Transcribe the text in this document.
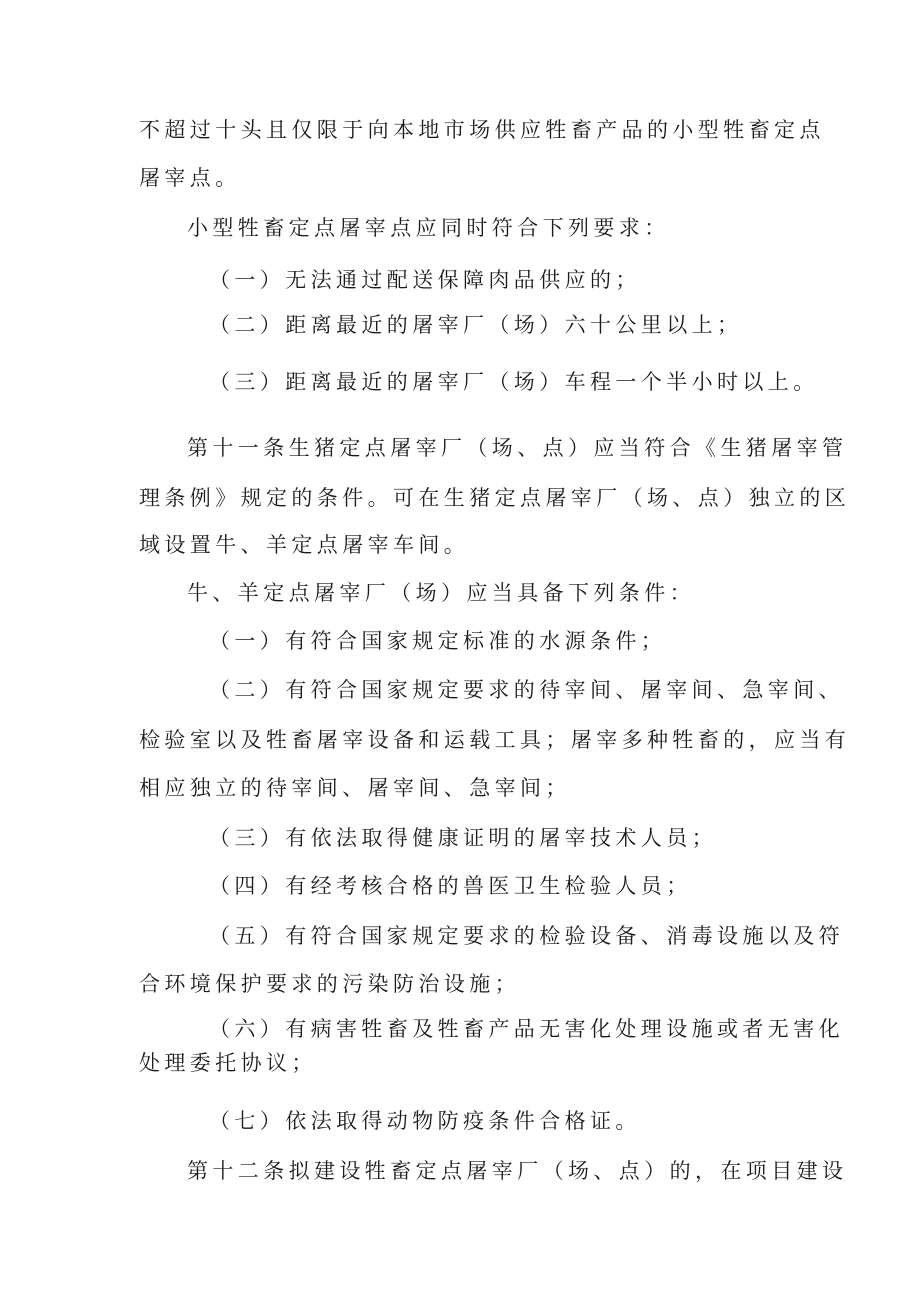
不超过十头且仅限于向本地市场供应牲畜产品的小型牲畜定点
屠宰点。
小型牲畜定点屠宰点应同时符合下列要求：
（一）无法通过配送保障肉品供应的；
（二）距离最近的屠宰厂（场）六十公里以上；
（三）距离最近的屠宰厂（场）车程一个半小时以上。
第十一条生猪定点屠宰厂（场、点）应当符合《生猪屠宰管
理条例》规定的条件。可在生猪定点屠宰厂（场、点）独立的区
域设置牛、羊定点屠宰车间。
牛、羊定点屠宰厂（场）应当具备下列条件：
（一）有符合国家规定标准的水源条件；
（二）有符合国家规定要求的待宰间、屠宰间、急宰间、
检验室以及牲畜屠宰设备和运载工具；屠宰多种牲畜的，应当有
相应独立的待宰间、屠宰间、急宰间；
（三）有依法取得健康证明的屠宰技术人员；
（四）有经考核合格的兽医卫生检验人员；
（五）有符合国家规定要求的检验设备、消毒设施以及符
合环境保护要求的污染防治设施；
（六）有病害牲畜及牲畜产品无害化处理设施或者无害化
处理委托协议；
（七）依法取得动物防疫条件合格证。
第十二条拟建设牲畜定点屠宰厂（场、点）的，在项目建设
